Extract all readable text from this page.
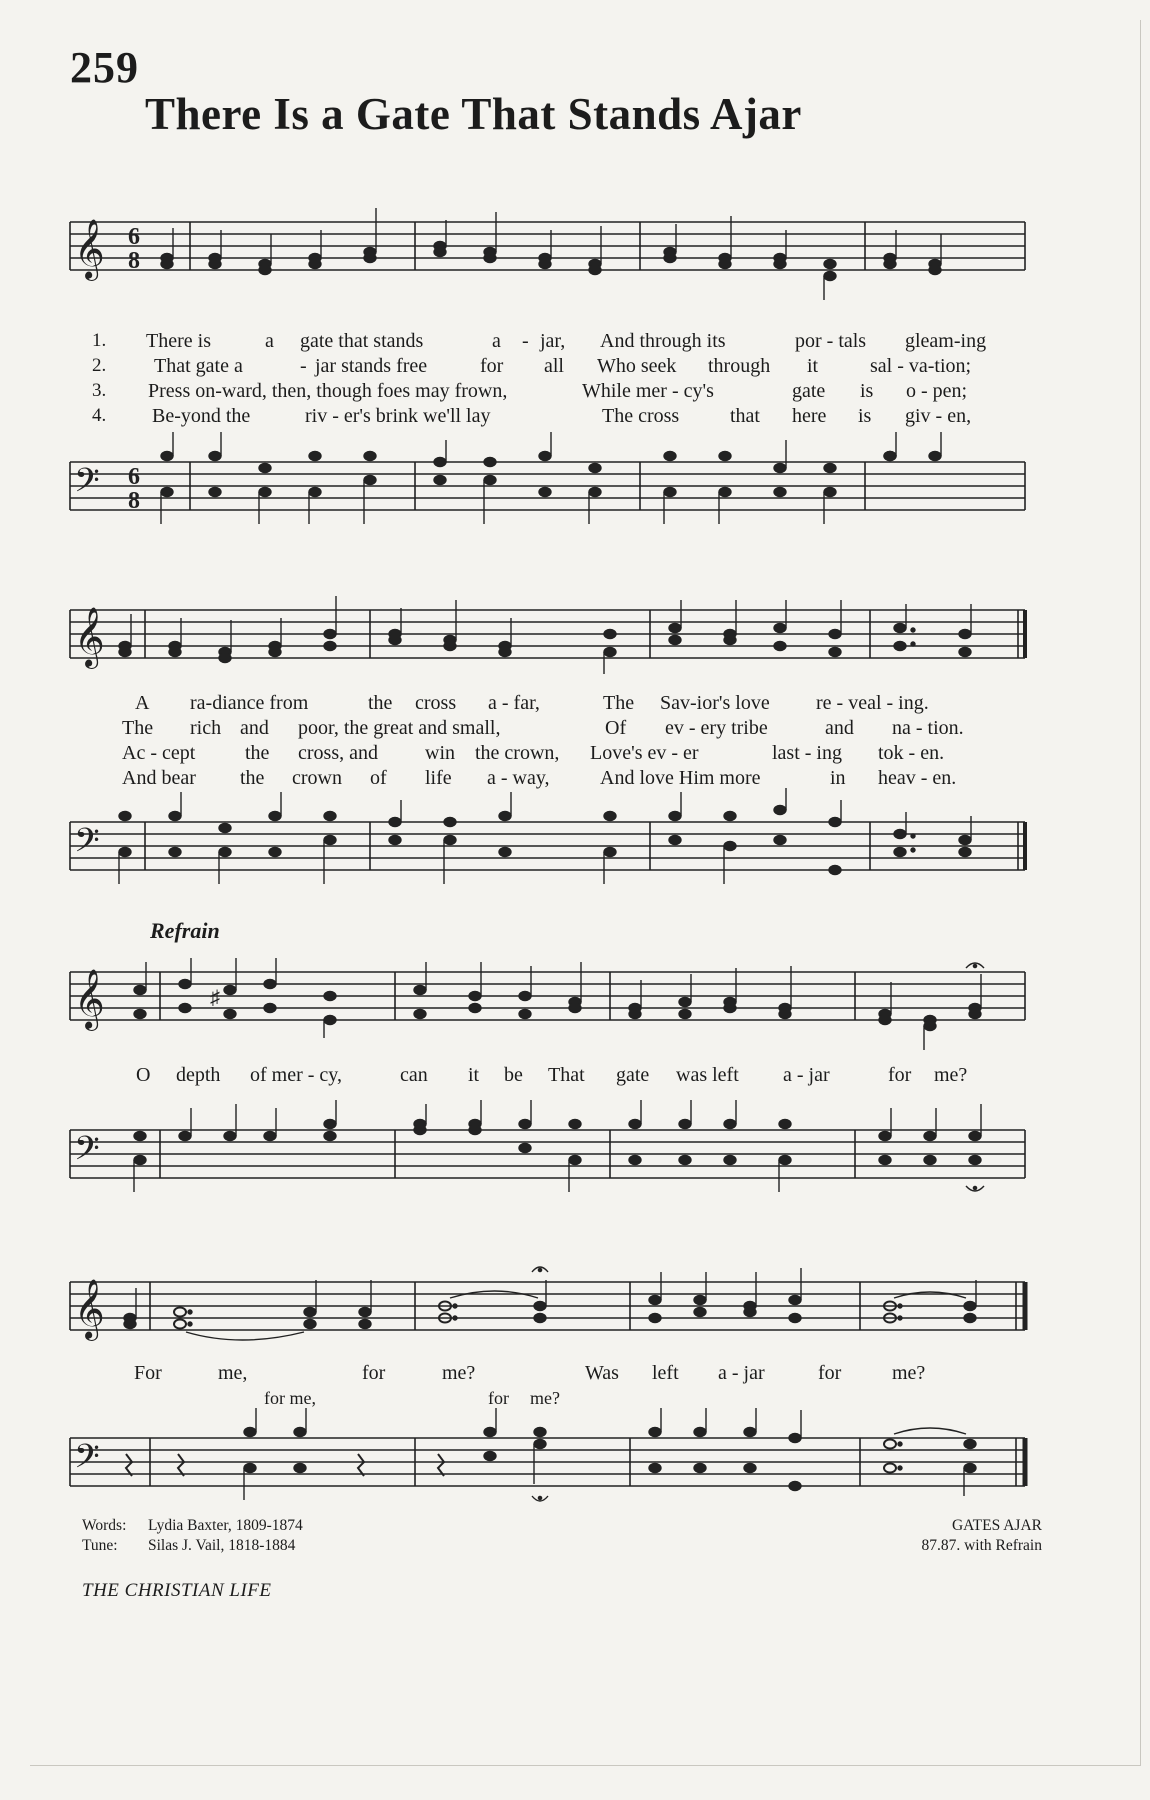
259
There Is a Gate That Stands Ajar
𝄞 6
8
1. There is	a gate that stands	a - jar, And through its	por - tals gleam-ing
2. That gate a	- jar stands free	for all Who seek through it	sal - va-tion;
3. Press on-ward, then, though foes may frown,	While mer - cy's	gate is o - pen;
4. Be-yond the	riv - er's brink we'll lay	The cross	that here is giv - en,
𝄢 6
8
𝄞
A ra-diance from	the cross a - far,	The Sav-ior's love re - veal - ing.
The rich and poor, the great and small,	Of ev - ery tribe	and na - tion.
Ac - cept the cross, and win the crown, Love's ev - er	last - ing tok - en.
And bear the crown of life a - way,	And love Him more	in heav - en.
𝄢
Refrain
𝄞	♯
O depth of mer - cy,	can it be That gate was left a - jar	for me?
𝄢
𝄞
For	me,	for	me?	Was left a - jar	for	me?
for me,	for me?
𝄢
Words: Lydia Baxter, 1809-1874
Tune: Silas J. Vail, 1818-1884
GATES AJAR
87.87. with Refrain
THE CHRISTIAN LIFE
